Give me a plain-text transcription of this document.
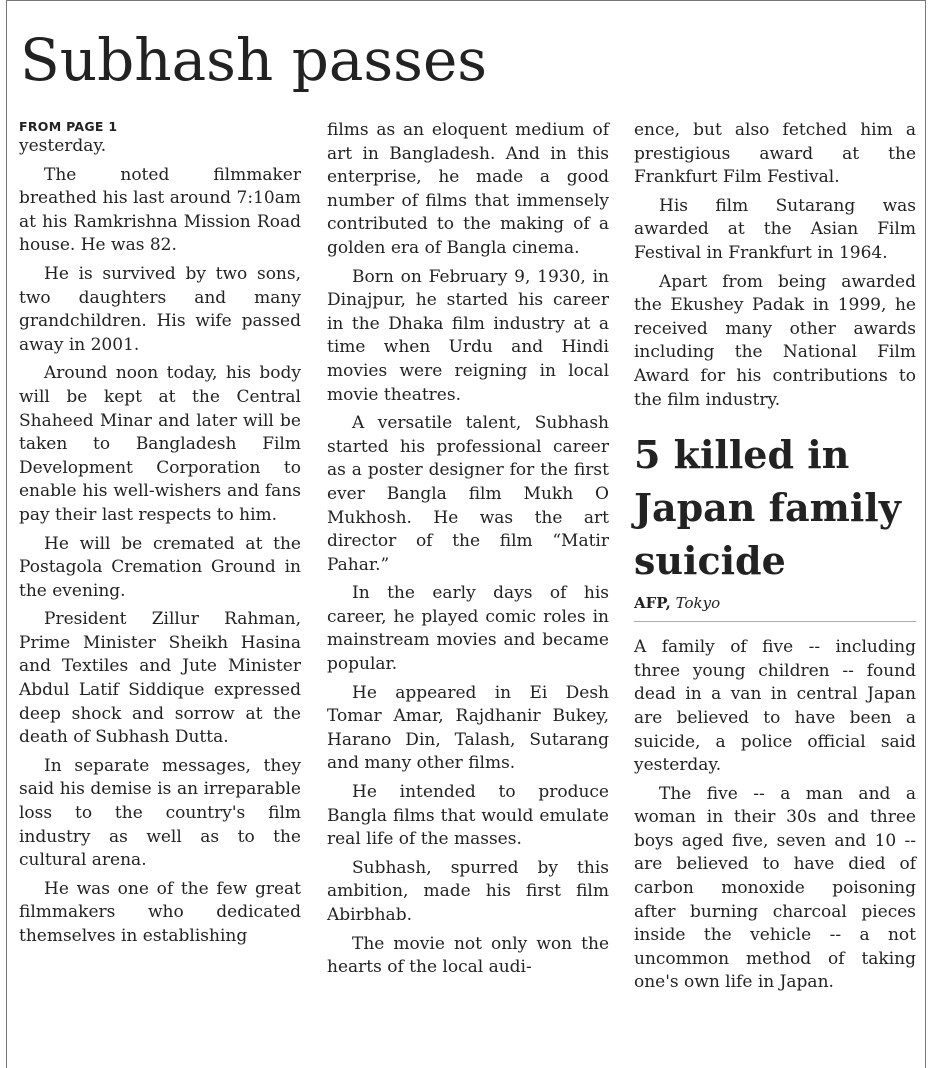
Subhash passes
FROM PAGE 1

yesterday.

The noted filmmaker breathed his last around 7:10am at his Ramkrishna Mission Road house. He was 82.

He is survived by two sons, two daughters and many grandchildren. His wife passed away in 2001.

Around noon today, his body will be kept at the Central Shaheed Minar and later will be taken to Bangladesh Film Development Corporation to enable his well-wishers and fans pay their last respects to him.

He will be cremated at the Postagola Cremation Ground in the evening.

President Zillur Rahman, Prime Minister Sheikh Hasina and Textiles and Jute Minister Abdul Latif Siddique expressed deep shock and sorrow at the death of Subhash Dutta.

In separate messages, they said his demise is an irreparable loss to the country's film industry as well as to the cultural arena.

He was one of the few great filmmakers who dedicated themselves in establishing

films as an eloquent medium of art in Bangladesh. And in this enterprise, he made a good number of films that immensely contributed to the making of a golden era of Bangla cinema.

Born on February 9, 1930, in Dinajpur, he started his career in the Dhaka film industry at a time when Urdu and Hindi movies were reigning in local movie theatres.

A versatile talent, Subhash started his professional career as a poster designer for the first ever Bangla film Mukh O Mukhosh. He was the art director of the film “Matir Pahar.”

In the early days of his career, he played comic roles in mainstream movies and became popular.

He appeared in Ei Desh Tomar Amar, Rajdhanir Bukey, Harano Din, Talash, Sutarang and many other films.

He intended to produce Bangla films that would emulate real life of the masses.

Subhash, spurred by this ambition, made his first film Abirbhab.

The movie not only won the hearts of the local audi-

ence, but also fetched him a prestigious award at the Frankfurt Film Festival.

His film Sutarang was awarded at the Asian Film Festival in Frankfurt in 1964.

Apart from being awarded the Ekushey Padak in 1999, he received many other awards including the National Film Award for his contributions to the film industry.

5 killed in Japan family suicide

AFP, Tokyo

A family of five -- including three young children -- found dead in a van in central Japan are believed to have been a suicide, a police official said yesterday.

The five -- a man and a woman in their 30s and three boys aged five, seven and 10 -- are believed to have died of carbon monoxide poisoning after burning charcoal pieces inside the vehicle -- a not uncommon method of taking one's own life in Japan.
